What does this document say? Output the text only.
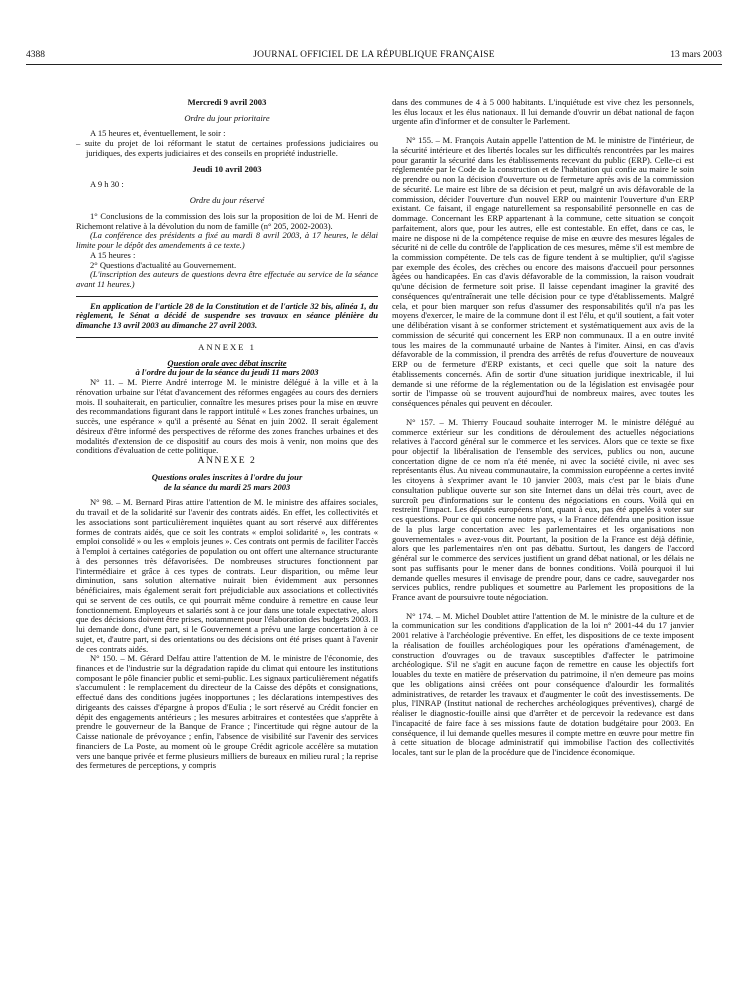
4388	JOURNAL OFFICIEL DE LA RÉPUBLIQUE FRANÇAISE	13 mars 2003

Mercredi 9 avril 2003

Ordre du jour prioritaire

A 15 heures et, éventuellement, le soir :

– suite du projet de loi réformant le statut de certaines professions judiciaires ou juridiques, des experts judiciaires et des conseils en propriété industrielle.

Jeudi 10 avril 2003

A 9 h 30 :

Ordre du jour réservé

1° Conclusions de la commission des lois sur la proposition de loi de M. Henri de Richemont relative à la dévolution du nom de famille (n° 205, 2002-2003).

(La conférence des présidents a fixé au mardi 8 avril 2003, à 17 heures, le délai limite pour le dépôt des amendements à ce texte.)

A 15 heures :

2° Questions d'actualité au Gouvernement.

(L'inscription des auteurs de questions devra être effectuée au service de la séance avant 11 heures.)

En application de l'article 28 de la Constitution et de l'article 32 bis, alinéa 1, du règlement, le Sénat a décidé de suspendre ses travaux en séance plénière du dimanche 13 avril 2003 au dimanche 27 avril 2003.

ANNEXE 1

Question orale avec débat inscrite

à l'ordre du jour de la séance du jeudi 11 mars 2003

N° 11. – M. Pierre André interroge M. le ministre délégué à la ville et à la rénovation urbaine sur l'état d'avancement des réformes engagées au cours des derniers mois. Il souhaiterait, en particulier, connaître les mesures prises pour la mise en œuvre des recommandations figurant dans le rapport intitulé « Les zones franches urbaines, un succès, une espérance » qu'il a présenté au Sénat en juin 2002. Il serait également désireux d'être informé des perspectives de réforme des zones franches urbaines et des modalités d'extension de ce dispositif au cours des mois à venir, non moins que des conditions d'évaluation de cette politique.

ANNEXE 2

Questions orales inscrites à l'ordre du jour

de la séance du mardi 25 mars 2003

N° 98. – M. Bernard Piras attire l'attention de M. le ministre des affaires sociales, du travail et de la solidarité sur l'avenir des contrats aidés. En effet, les collectivités et les associations sont particulièrement inquiètes quant au sort réservé aux différentes formes de contrats aidés, que ce soit les contrats « emploi solidarité », les contrats « emploi consolidé » ou les « emplois jeunes ». Ces contrats ont permis de faciliter l'accès à l'emploi à certaines catégories de population ou ont offert une alternance structurante à des personnes très défavorisées. De nombreuses structures fonctionnent par l'intermédiaire et grâce à ces types de contrats. Leur disparition, ou même leur diminution, sans solution alternative nuirait bien évidemment aux personnes bénéficiaires, mais également serait fort préjudiciable aux associations et collectivités qui se servent de ces outils, ce qui pourrait même conduire à remettre en cause leur fonctionnement. Employeurs et salariés sont à ce jour dans une totale expectative, alors que des décisions doivent être prises, notamment pour l'élaboration des budgets 2003. Il lui demande donc, d'une part, si le Gouvernement a prévu une large concertation à ce sujet, et, d'autre part, si des orientations ou des décisions ont été prises quant à l'avenir de ces contrats aidés.

N° 150. – M. Gérard Delfau attire l'attention de M. le ministre de l'économie, des finances et de l'industrie sur la dégradation rapide du climat qui entoure les institutions composant le pôle financier public et semi-public. Les signaux particulièrement négatifs s'accumulent : le remplacement du directeur de la Caisse des dépôts et consignations, effectué dans des conditions jugées inopportunes ; les déclarations intempestives des dirigeants des caisses d'épargne à propos d'Eulia ; le sort réservé au Crédit foncier en dépit des engagements antérieurs ; les mesures arbitraires et contestées que s'apprête à prendre le gouverneur de la Banque de France ; l'incertitude qui règne autour de la Caisse nationale de prévoyance ; enfin, l'absence de visibilité sur l'avenir des services financiers de La Poste, au moment où le groupe Crédit agricole accélère sa mutation vers une banque privée et ferme plusieurs milliers de bureaux en milieu rural ; la reprise des fermetures de perceptions, y compris

dans des communes de 4 à 5 000 habitants. L'inquiétude est vive chez les personnels, les élus locaux et les élus nationaux. Il lui demande d'ouvrir un débat national de façon urgente afin d'informer et de consulter le Parlement.

N° 155. – M. François Autain appelle l'attention de M. le ministre de l'intérieur, de la sécurité intérieure et des libertés locales sur les difficultés rencontrées par les maires pour garantir la sécurité dans les établissements recevant du public (ERP). Celle-ci est réglementée par le Code de la construction et de l'habitation qui confie au maire le soin de prendre ou non la décision d'ouverture ou de fermeture après avis de la commission de sécurité. Le maire est libre de sa décision et peut, malgré un avis défavorable de la commission, décider l'ouverture d'un nouvel ERP ou maintenir l'ouverture d'un ERP existant. Ce faisant, il engage naturellement sa responsabilité personnelle en cas de dommage. Concernant les ERP appartenant à la commune, cette situation se conçoit parfaitement, alors que, pour les autres, elle est contestable. En effet, dans ce cas, le maire ne dispose ni de la compétence requise de mise en œuvre des mesures légales de sécurité ni de celle du contrôle de l'application de ces mesures, même s'il est membre de la commission compétente. De tels cas de figure tendent à se multiplier, qu'il s'agisse par exemple des écoles, des crèches ou encore des maisons d'accueil pour personnes âgées ou handicapées. En cas d'avis défavorable de la commission, la raison voudrait qu'une décision de fermeture soit prise. Il laisse cependant imaginer la gravité des conséquences qu'entraînerait une telle décision pour ce type d'établissements. Malgré cela, et pour bien marquer son refus d'assumer des responsabilités qu'il n'a pas les moyens d'exercer, le maire de la commune dont il est l'élu, et qu'il soutient, a fait voter une délibération visant à se conformer strictement et systématiquement aux avis de la commission de sécurité qui concernent les ERP non communaux. Il a en outre invité tous les maires de la communauté urbaine de Nantes à l'imiter. Ainsi, en cas d'avis défavorable de la commission, il prendra des arrêtés de refus d'ouverture de nouveaux ERP ou de fermeture d'ERP existants, et ceci quelle que soit la nature des établissements concernés. Afin de sortir d'une situation juridique inextricable, il lui demande si une réforme de la réglementation ou de la législation est envisagée pour sortir de l'impasse où se trouvent aujourd'hui de nombreux maires, avec toutes les conséquences pénales qui peuvent en découler.

N° 157. – M. Thierry Foucaud souhaite interroger M. le ministre délégué au commerce extérieur sur les conditions de déroulement des actuelles négociations relatives à l'accord général sur le commerce et les services. Alors que ce texte se fixe pour objectif la libéralisation de l'ensemble des services, publics ou non, aucune concertation digne de ce nom n'a été menée, ni avec la société civile, ni avec ses représentants élus. Au niveau communautaire, la commission européenne a certes invité les citoyens à s'exprimer avant le 10 janvier 2003, mais c'est par le biais d'une consultation publique ouverte sur son site Internet dans un délai très court, avec de surcroît peu d'informations sur le contenu des négociations en cours. Voilà qui en restreint l'impact. Les députés européens n'ont, quant à eux, pas été appelés à voter sur ces questions. Pour ce qui concerne notre pays, « la France défendra une position issue de la plus large concertation avec les parlementaires et les organisations non gouvernementales » avez-vous dit. Pourtant, la position de la France est déjà définie, alors que les parlementaires n'en ont pas débattu. Surtout, les dangers de l'accord général sur le commerce des services justifient un grand débat national, or les délais ne sont pas suffisants pour le mener dans de bonnes conditions. Voilà pourquoi il lui demande quelles mesures il envisage de prendre pour, dans ce cadre, sauvegarder nos services publics, rendre publiques et soumettre au Parlement les propositions de la France avant de poursuivre toute négociation.

N° 174. – M. Michel Doublet attire l'attention de M. le ministre de la culture et de la communication sur les conditions d'application de la loi n° 2001-44 du 17 janvier 2001 relative à l'archéologie préventive. En effet, les dispositions de ce texte imposent la réalisation de fouilles archéologiques pour les opérations d'aménagement, de construction d'ouvrages ou de travaux susceptibles d'affecter le patrimoine archéologique. S'il ne s'agit en aucune façon de remettre en cause les objectifs fort louables du texte en matière de préservation du patrimoine, il n'en demeure pas moins que les obligations ainsi créées ont pour conséquence d'alourdir les formalités administratives, de retarder les travaux et d'augmenter le coût des investissements. De plus, l'INRAP (Institut national de recherches archéologiques préventives), chargé de réaliser le diagnostic-fouille ainsi que d'arrêter et de percevoir la redevance est dans l'incapacité de faire face à ses missions faute de dotation budgétaire pour 2003. En conséquence, il lui demande quelles mesures il compte mettre en œuvre pour mettre fin à cette situation de blocage administratif qui immobilise l'action des collectivités locales, tant sur le plan de la procédure que de l'incidence économique.
